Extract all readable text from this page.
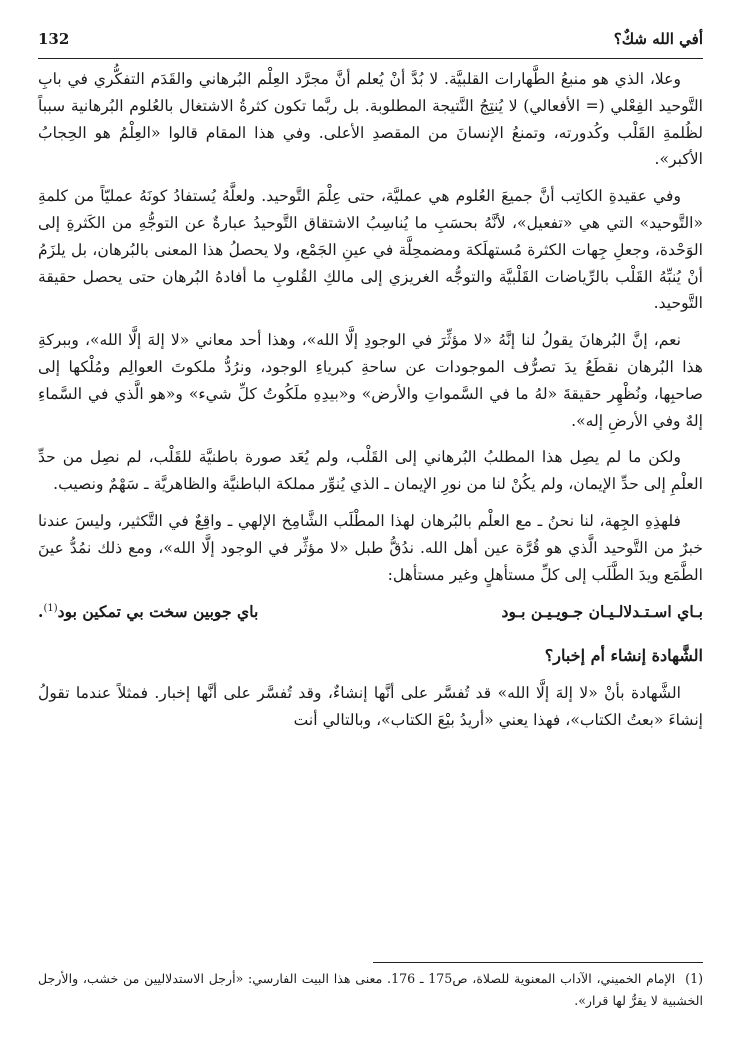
أفي الله شكٌ؟
132

وعلا، الذي هو منبعُ الطَّهارات القلبيَّة. لا بُدَّ أنْ يُعلم أنَّ مجرَّد العِلْم البُرهاني والقَدَم التفكُّري في بابِ التَّوحيد الفِعْلي (= الأفعالي) لا يُنتِجُ النَّتيجة المطلوبة. بل ربَّما تكون كثرةُ الاشتغال بالعُلوم البُرهانية سبباً لظُلمةِ القَلْب وكُدورته، وتمنعُ الإنسانَ من المقصدِ الأعلى. وفي هذا المقام قالوا «العِلْمُ هو الحِجابُ الأكبر».

وفي عقيدةِ الكاتِب أنَّ جميعَ العُلوم هي عمليَّة، حتى عِلْمَ التَّوحيد. ولعلَّهُ يُستفادُ كونَهُ عمليّاً من كلمةِ «التَّوحيد» التي هي «تفعيل»، لأنَّهُ بحسَبِ ما يُناسِبُ الاشتقاق التَّوحيدُ عبارةٌ عن التوجُّهِ من الكَثرةِ إلى الوَحْدة، وجعلِ جِهات الكثرة مُستهلَكة ومضمحِلَّة في عينِ الجَمْع، ولا يحصلُ هذا المعنى بالبُرهان، بل يلزَمُ أنْ يُنبِّهُ القَلْب بالرِّياضات القَلْبيَّة والتوجُّه الغريزي إلى مالكِ القُلوبِ ما أفادهُ البُرهان حتى يحصل حقيقة التَّوحيد.

نعم، إنَّ البُرهانَ يقولُ لنا إنَّهُ «لا مؤثِّرَ في الوجودِ إلَّا الله»، وهذا أحد معاني «لا إلهَ إلَّا الله»، وببركةِ هذا البُرهان نقطَعُ يدَ تصرُّف الموجودات عن ساحةِ كبرياءِ الوجود، ونرُدُّ ملكوتَ العوالِم ومُلْكها إلى صاحبِها، ونُظْهِر حقيقةَ «لهُ ما في السَّمواتِ والأرض» و«بيدِهِ ملَكُوتُ كلِّ شيء» و«هو الَّذي في السَّماءِ إلهٌ وفي الأرضِ إله».

ولكن ما لم يصِل هذا المطلبُ البُرهاني إلى القَلْب، ولم يُعَد صورة باطنيَّة للقَلْب، لم نصِل من حدِّ العلْمِ إلى حدِّ الإيمان، ولم يكُنْ لنا من نورِ الإيمان ـ الذي يُنوِّر مملكة الباطنيَّة والظاهريَّة ـ سَهْمٌ ونصيب.

فلهذِهِ الجِهة، لنا نحنُ ـ مع العلْم بالبُرهان لهذا المطْلَب الشَّامِخ الإلهي ـ واقِعٌ في التَّكثير، وليسَ عندنا خبرٌ من التَّوحيد الَّذي هو قُرَّة عين أهل الله. ندُقُّ طبل «لا مؤثِّر في الوجود إلَّا الله»، ومع ذلك نمُدُّ عينَ الطَّمَع ويدَ الطَّلَب إلى كلِّ مستأهلٍ وغير مستأهل:

بـاي اسـتـدلالـيـان جـويـيـن بـود
باي جوبين سخت بي تمكين بود$^{(1)}$.
الشَّهادة إنشاء أم إخبار؟

الشَّهادة بأنْ «لا إلهَ إلَّا الله» قد تُفسَّر على أنَّها إنشاءٌ، وقد تُفسَّر على أنَّها إخبار. فمثلاً عندما تقولُ إنشاءَ «بعتُ الكتاب»، فهذا يعني «أريدُ بيْعَ الكتاب»، وبالتالي أنت

(1)الإمام الخميني، الآداب المعنوية للصلاة، ص175 ـ 176. معنى هذا البيت الفارسي: «أرجل الاستدلاليين من خشب، والأرجل الخشبية لا يقرُّ لها قرار».
